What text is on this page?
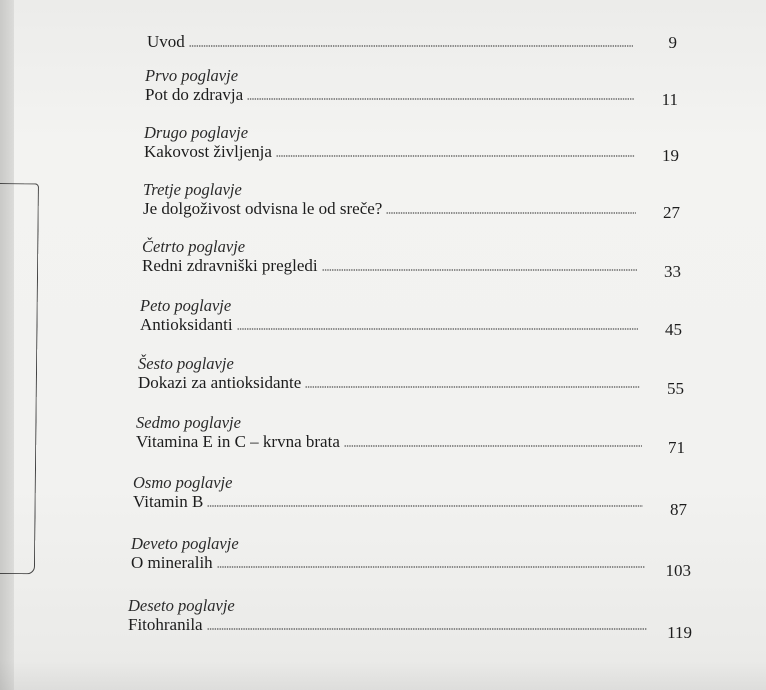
Uvod	9
Prvo poglavje
Pot do zdravja	11
Drugo poglavje
Kakovost življenja	19
Tretje poglavje
Je dolgoživost odvisna le od sreče?	27
Četrto poglavje
Redni zdravniški pregledi	33
Peto poglavje
Antioksidanti	45
Šesto poglavje
Dokazi za antioksidante	55
Sedmo poglavje
Vitamina E in C – krvna brata	71
Osmo poglavje
Vitamin B	87
Deveto poglavje
O mineralih	103
Deseto poglavje
Fitohranila	119
